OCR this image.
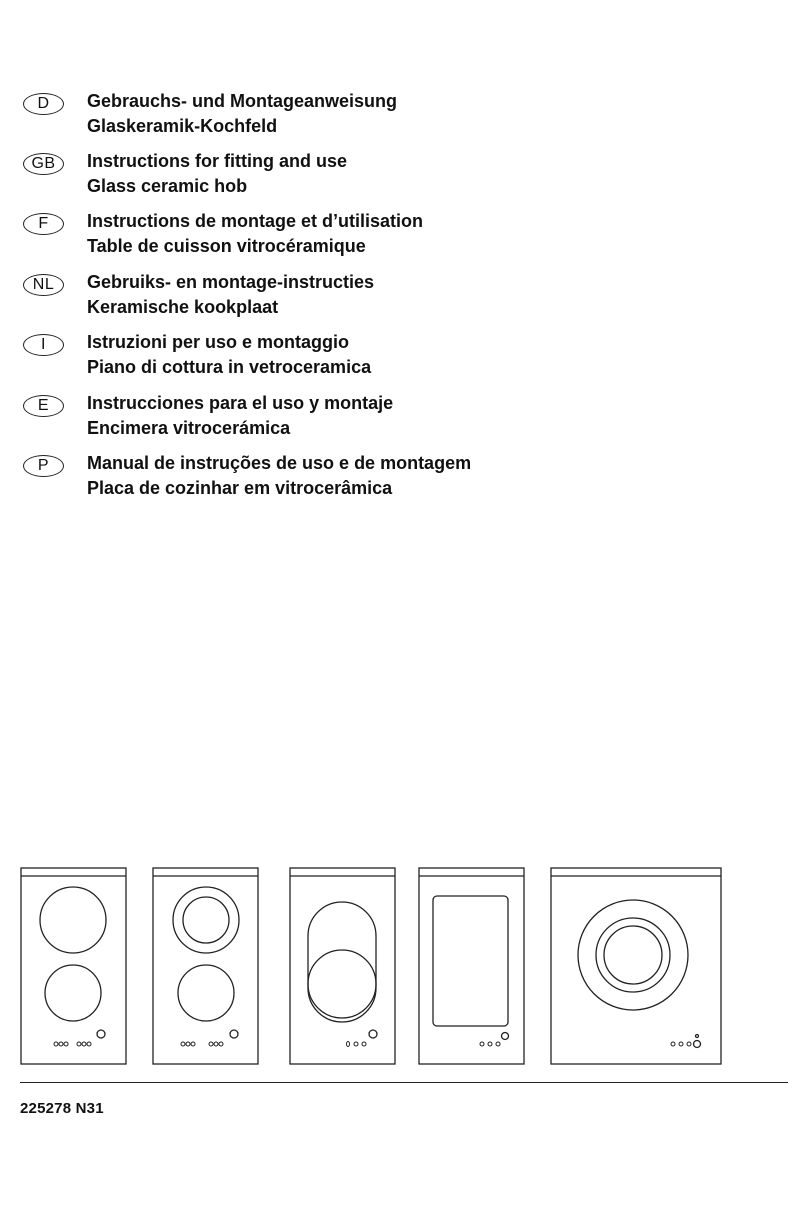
D	Gebrauchs- und Montageanweisung
Glaskeramik-Kochfeld
GB	Instructions for fitting and use
Glass ceramic hob
F	Instructions de montage et d’utilisation
Table de cuisson vitrocéramique
NL	Gebruiks- en montage-instructies
Keramische kookplaat
I	Istruzioni per uso e montaggio
Piano di cottura in vetroceramica
E	Instrucciones para el uso y montaje
Encimera vitrocerámica
P	Manual de instruções de uso e de montagem
Placa de cozinhar em vitrocerâmica
225278 N31
